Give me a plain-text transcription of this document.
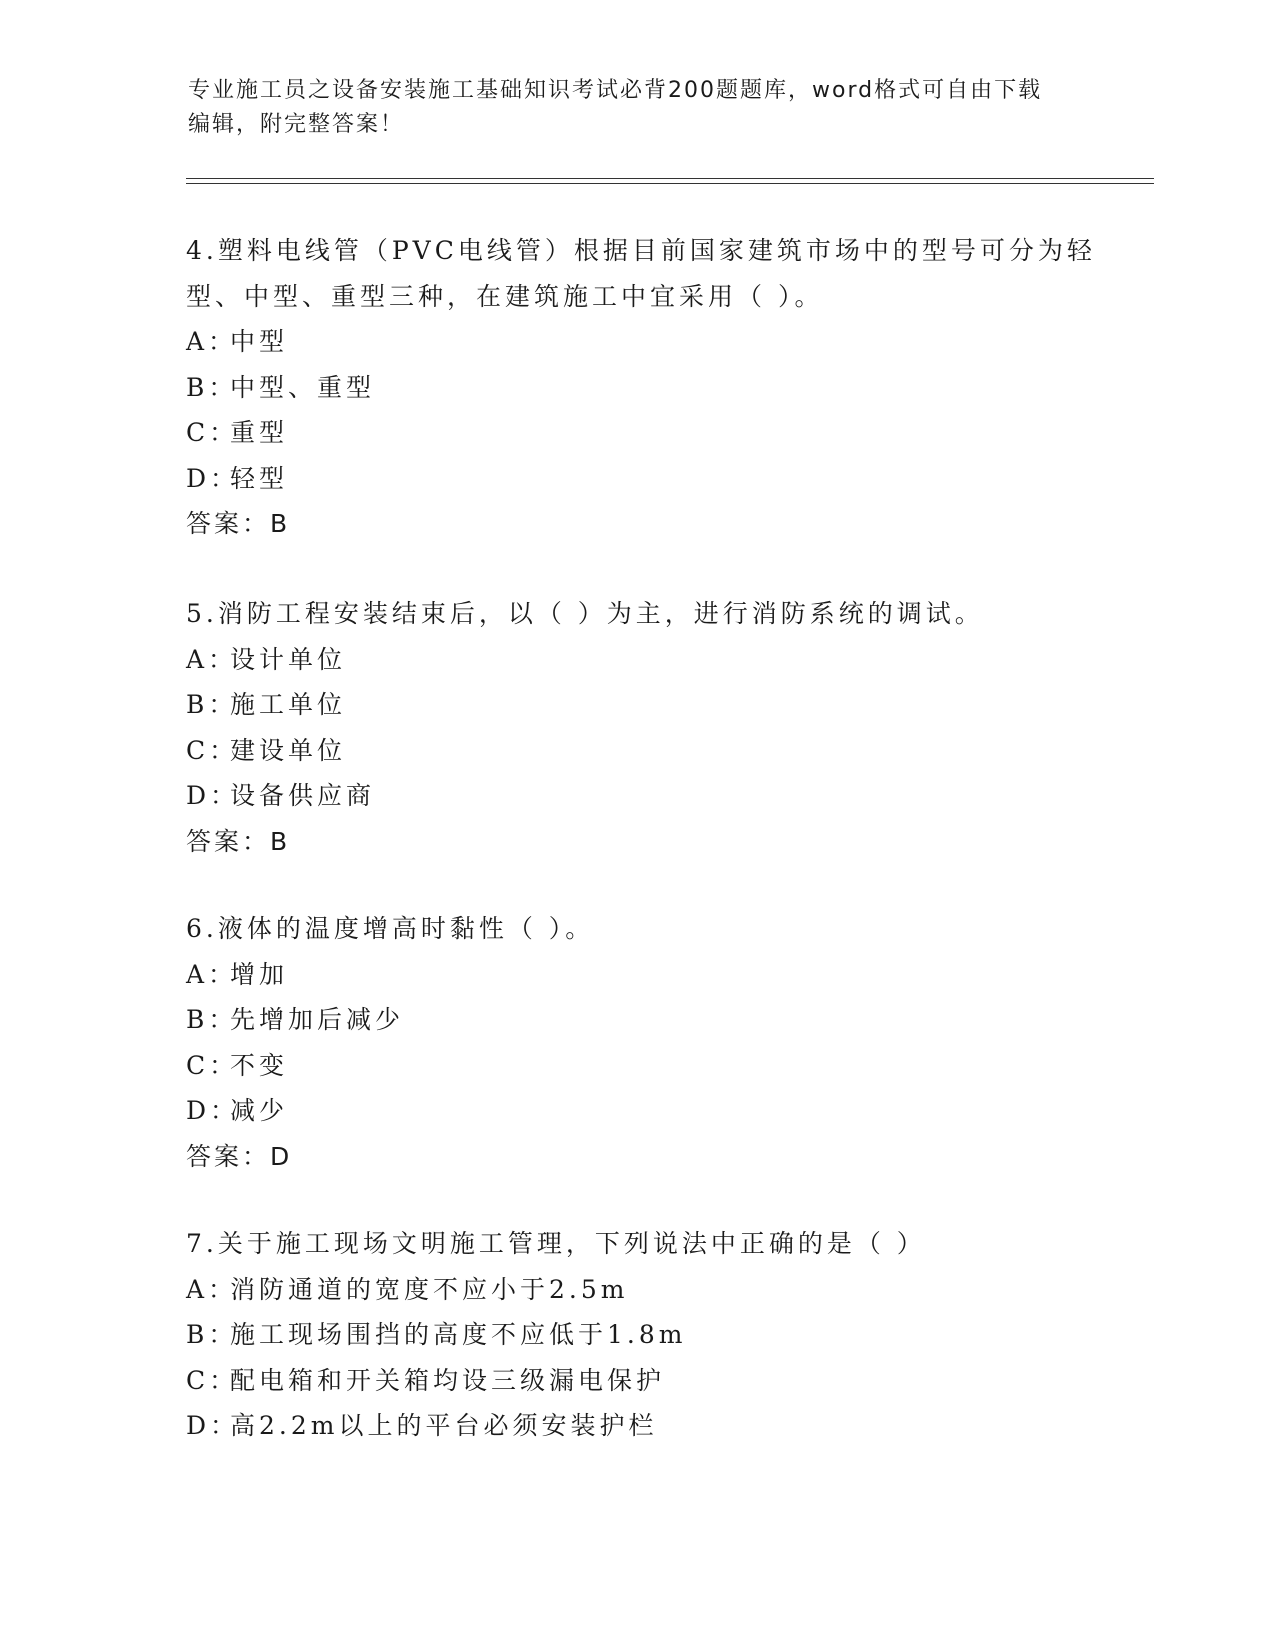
专业施工员之设备安装施工基础知识考试必背200题题库，word格式可自由下载
编辑，附完整答案！
4.塑料电线管（PVC电线管）根据目前国家建筑市场中的型号可分为轻
型、中型、重型三种，在建筑施工中宜采用（ ）。
A：中型
B：中型、重型
C：重型
D：轻型
答案：B
5.消防工程安装结束后，以（ ）为主，进行消防系统的调试。
A：设计单位
B：施工单位
C：建设单位
D：设备供应商
答案：B
6.液体的温度增高时黏性（ ）。
A：增加
B：先增加后减少
C：不变
D：减少
答案：D
7.关于施工现场文明施工管理，下列说法中正确的是（ ）
A：消防通道的宽度不应小于2.5m
B：施工现场围挡的高度不应低于1.8m
C：配电箱和开关箱均设三级漏电保护
D：高2.2m以上的平台必须安装护栏
